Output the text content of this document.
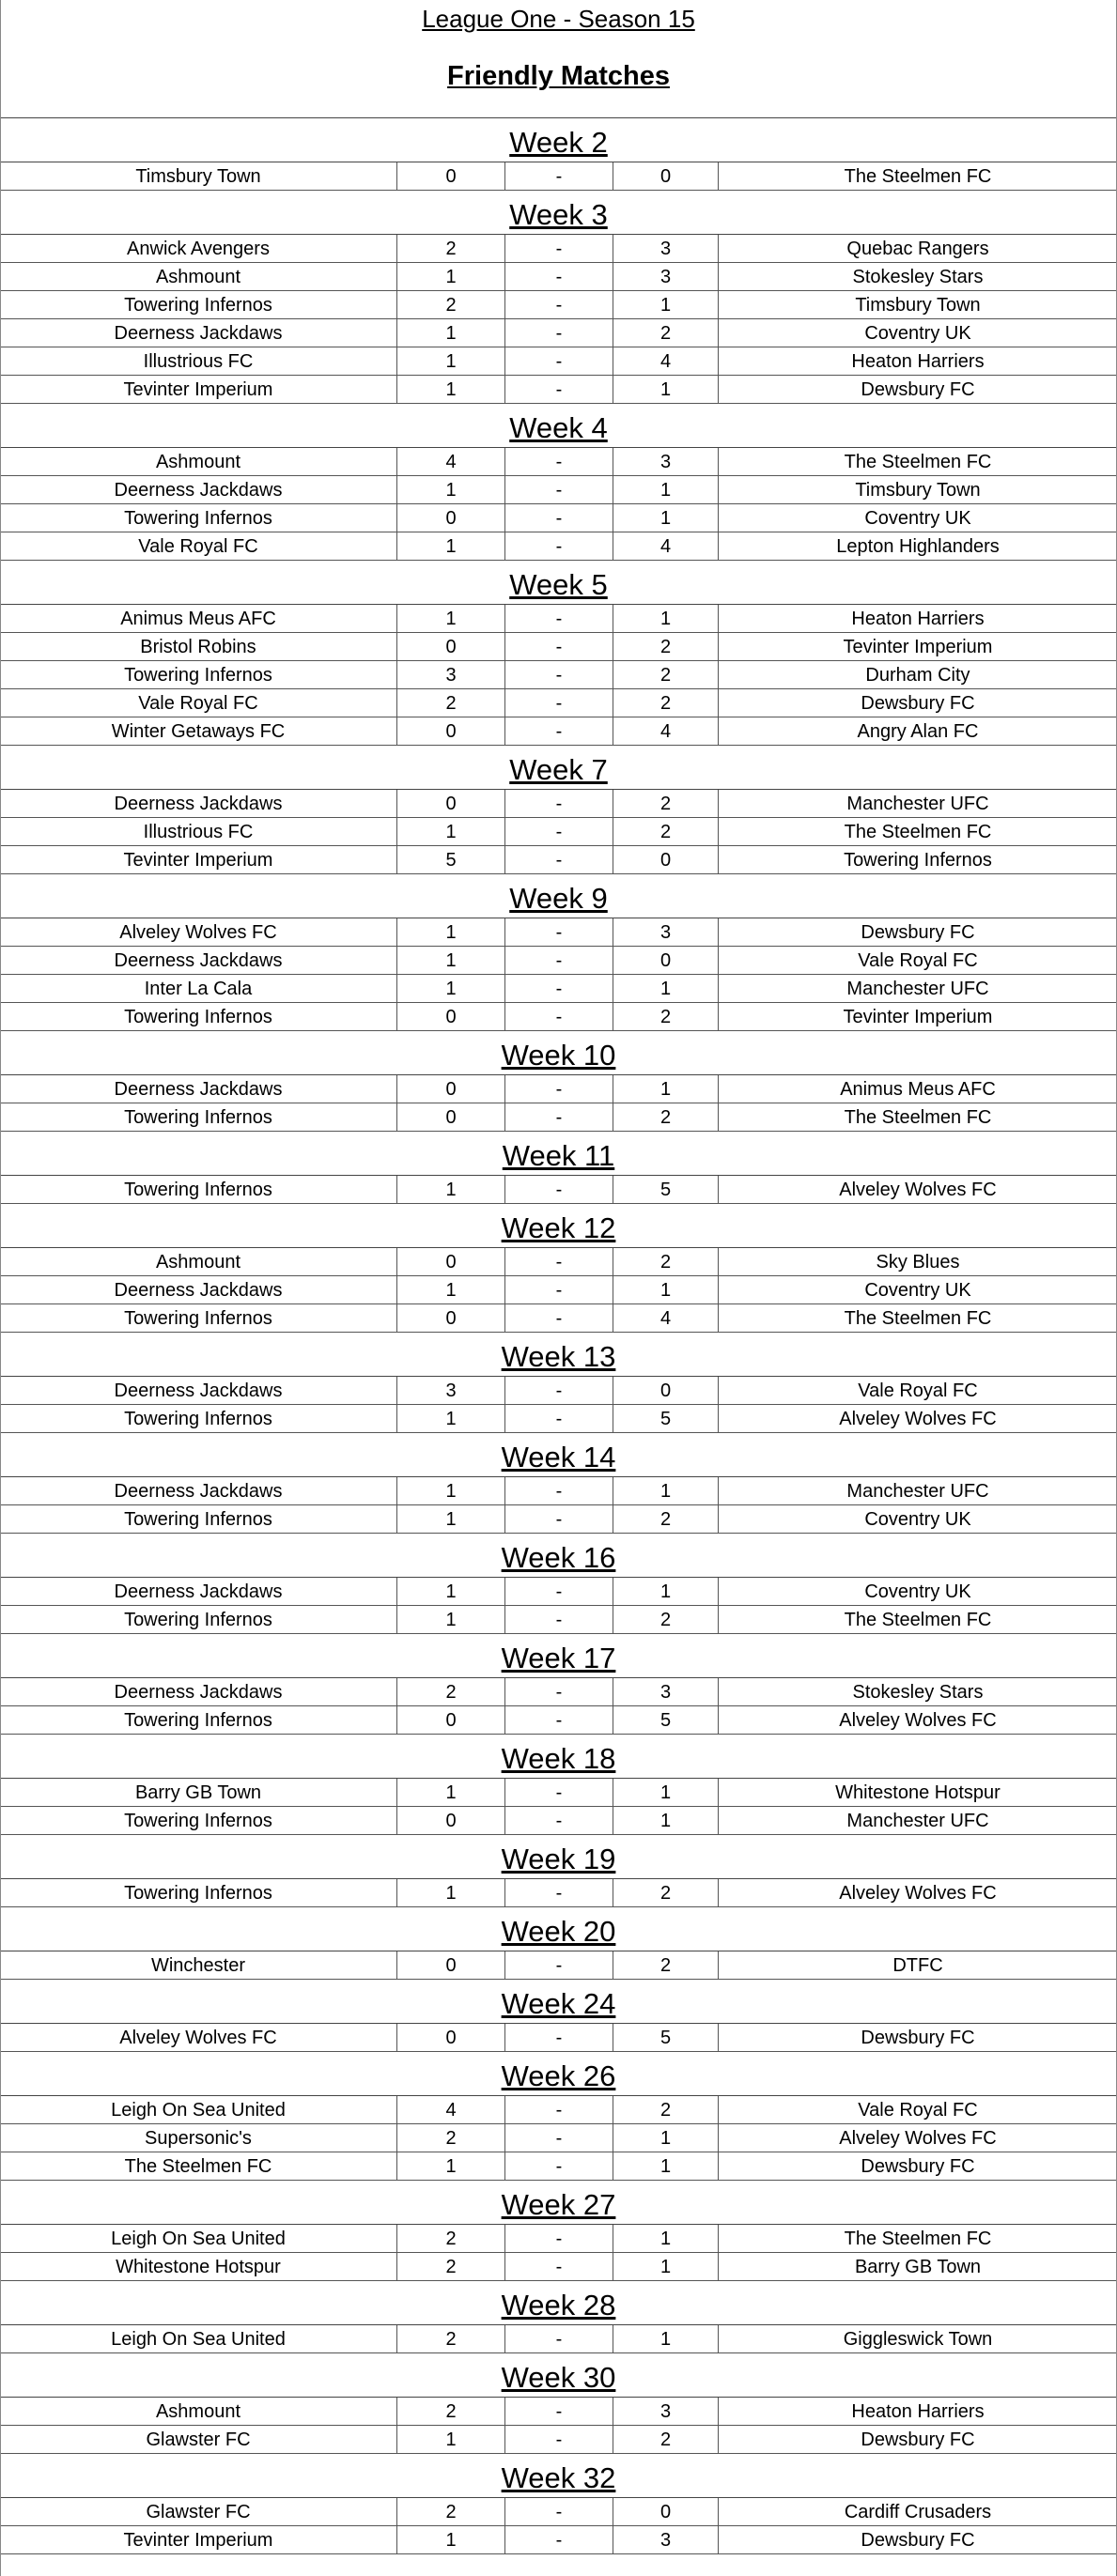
League One - Season 15
Friendly Matches
Week 2
Timsbury Town	0	-	0	The Steelmen FC
Week 3
Anwick Avengers	2	-	3	Quebac Rangers
Ashmount	1	-	3	Stokesley Stars
Towering Infernos	2	-	1	Timsbury Town
Deerness Jackdaws	1	-	2	Coventry UK
Illustrious FC	1	-	4	Heaton Harriers
Tevinter Imperium	1	-	1	Dewsbury FC
Week 4
Ashmount	4	-	3	The Steelmen FC
Deerness Jackdaws	1	-	1	Timsbury Town
Towering Infernos	0	-	1	Coventry UK
Vale Royal FC	1	-	4	Lepton Highlanders
Week 5
Animus Meus AFC	1	-	1	Heaton Harriers
Bristol Robins	0	-	2	Tevinter Imperium
Towering Infernos	3	-	2	Durham City
Vale Royal FC	2	-	2	Dewsbury FC
Winter Getaways FC	0	-	4	Angry Alan FC
Week 7
Deerness Jackdaws	0	-	2	Manchester UFC
Illustrious FC	1	-	2	The Steelmen FC
Tevinter Imperium	5	-	0	Towering Infernos
Week 9
Alveley Wolves FC	1	-	3	Dewsbury FC
Deerness Jackdaws	1	-	0	Vale Royal FC
Inter La Cala	1	-	1	Manchester UFC
Towering Infernos	0	-	2	Tevinter Imperium
Week 10
Deerness Jackdaws	0	-	1	Animus Meus AFC
Towering Infernos	0	-	2	The Steelmen FC
Week 11
Towering Infernos	1	-	5	Alveley Wolves FC
Week 12
Ashmount	0	-	2	Sky Blues
Deerness Jackdaws	1	-	1	Coventry UK
Towering Infernos	0	-	4	The Steelmen FC
Week 13
Deerness Jackdaws	3	-	0	Vale Royal FC
Towering Infernos	1	-	5	Alveley Wolves FC
Week 14
Deerness Jackdaws	1	-	1	Manchester UFC
Towering Infernos	1	-	2	Coventry UK
Week 16
Deerness Jackdaws	1	-	1	Coventry UK
Towering Infernos	1	-	2	The Steelmen FC
Week 17
Deerness Jackdaws	2	-	3	Stokesley Stars
Towering Infernos	0	-	5	Alveley Wolves FC
Week 18
Barry GB Town	1	-	1	Whitestone Hotspur
Towering Infernos	0	-	1	Manchester UFC
Week 19
Towering Infernos	1	-	2	Alveley Wolves FC
Week 20
Winchester	0	-	2	DTFC
Week 24
Alveley Wolves FC	0	-	5	Dewsbury FC
Week 26
Leigh On Sea United	4	-	2	Vale Royal FC
Supersonic's	2	-	1	Alveley Wolves FC
The Steelmen FC	1	-	1	Dewsbury FC
Week 27
Leigh On Sea United	2	-	1	The Steelmen FC
Whitestone Hotspur	2	-	1	Barry GB Town
Week 28
Leigh On Sea United	2	-	1	Giggleswick Town
Week 30
Ashmount	2	-	3	Heaton Harriers
Glawster FC	1	-	2	Dewsbury FC
Week 32
Glawster FC	2	-	0	Cardiff Crusaders
Tevinter Imperium	1	-	3	Dewsbury FC
